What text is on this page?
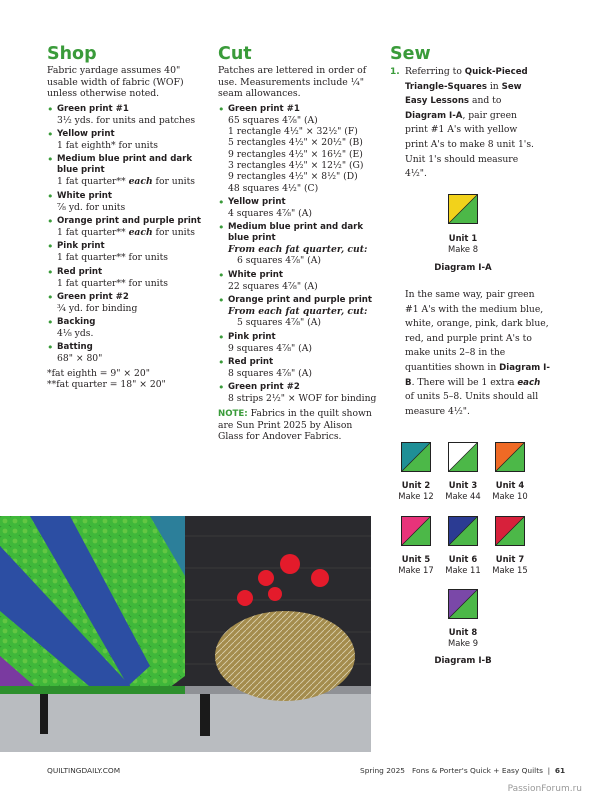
Shop
Fabric yardage assumes 40" usable width of fabric (WOF) unless otherwise noted.
• Green print #1
3½ yds. for units and patches
• Yellow print
1 fat eighth* for units
• Medium blue print and dark blue print
1 fat quarter** each for units
• White print
⅞ yd. for units
• Orange print and purple print
1 fat quarter** each for units
• Pink print
1 fat quarter** for units
• Red print
1 fat quarter** for units
• Green print #2
¾ yd. for binding
• Backing
4⅛ yds.
• Batting
68" × 80"
*fat eighth = 9" × 20"
**fat quarter = 18" × 20"
Cut
Patches are lettered in order of use. Measurements include ¼" seam allowances.
• Green print #1
65 squares 4⅞" (A)
1 rectangle 4½" × 32½" (F)
5 rectangles 4½" × 20½" (B)
9 rectangles 4½" × 16½" (E)
3 rectangles 4½" × 12½" (G)
9 rectangles 4½" × 8½" (D)
48 squares 4½" (C)
• Yellow print
4 squares 4⅞" (A)
• Medium blue print and dark blue print
From each fat quarter, cut:
6 squares 4⅞" (A)
• White print
22 squares 4⅞" (A)
• Orange print and purple print
From each fat quarter, cut:
5 squares 4⅞" (A)
• Pink print
9 squares 4⅞" (A)
• Red print
8 squares 4⅞" (A)
• Green print #2
8 strips 2½" × WOF for binding
NOTE: Fabrics in the quilt shown are Sun Print 2025 by Alison Glass for Andover Fabrics.
Sew
1. Referring to Quick-Pieced Triangle-Squares in Sew Easy Lessons and to Diagram I-A, pair green print #1 A's with yellow print A's to make 8 unit 1's. Unit 1's should measure 4½".
In the same way, pair green #1 A's with the medium blue, white, orange, pink, dark blue, red, and purple print A's to make units 2–8 in the quantities shown in Diagram I-B. There will be 1 extra each of units 5–8. Units should all measure 4½".
QUILTINGDAILY.COM	Spring 2025   Fons & Porter's Quick + Easy Quilts | 61
PassionForum.ru
Unit 1
Make 8
Diagram I-A
Unit 2
Make 12
Unit 3
Make 44
Unit 4
Make 10
Unit 5
Make 17
Unit 6
Make 11
Unit 7
Make 15
Unit 8
Make 9
Diagram I-B
